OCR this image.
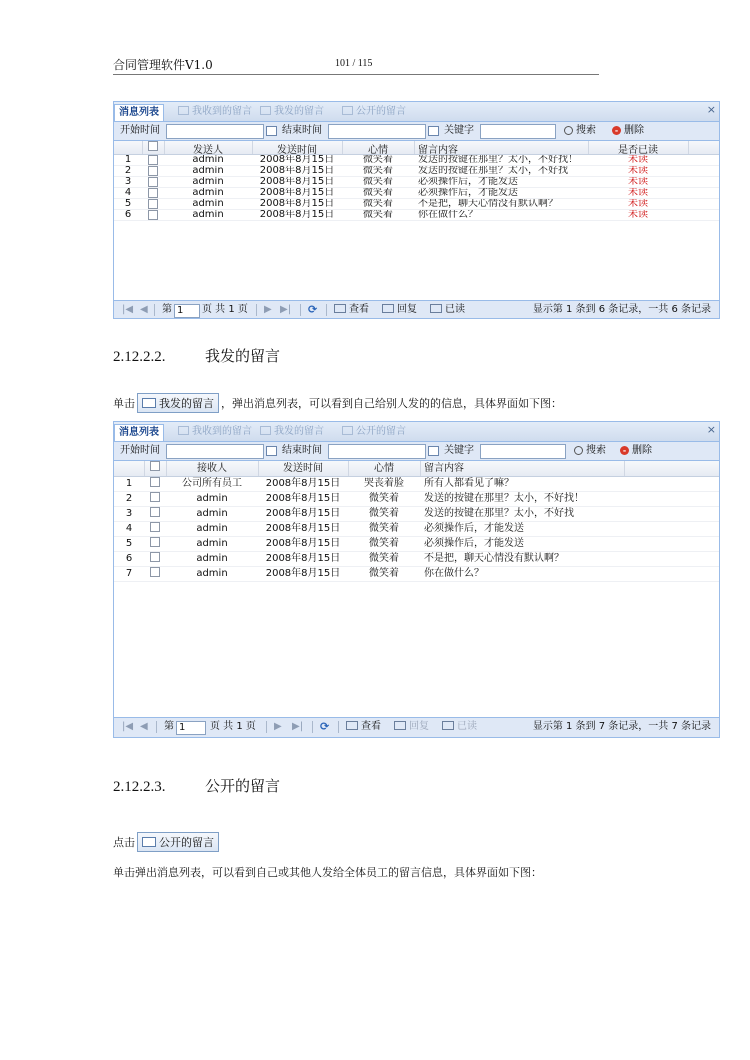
合同管理软件V1.0	101 / 115
消息列表	我收到的留言	我发的留言	公开的留言	×
开始时间	结束时间	关键字	搜索	- 删除
发送人	发送时间	心情	留言内容	是否已读
1	admin	2008年8月15日	微笑着	发送的按键在那里？太小，不好找！	未读
2	admin	2008年8月15日	微笑着	发送的按键在那里？太小，不好找	未读
3	admin	2008年8月15日	微笑着	必须操作后，才能发送	未读
4	admin	2008年8月15日	微笑着	必须操作后，才能发送	未读
5	admin	2008年8月15日	微笑着	不是把，聊天心情没有默认啊？	未读
6	admin	2008年8月15日	微笑着	你在做什么？	未读
|◀ ◀ 第 1	页 共 1 页 ▶ ▶| ⟳	查看	回复	已读	显示第 1 条到 6 条记录，一共 6 条记录
2.12.2.2.	我发的留言
单击 我发的留言 ，弹出消息列表，可以看到自己给别人发的的信息，具体界面如下图：
消息列表	我收到的留言	我发的留言	公开的留言	×
开始时间	结束时间	关键字	搜索	- 删除
接收人	发送时间	心情	留言内容
1	公司所有员工	2008年8月15日	哭丧着脸	所有人都看见了嘛？
2	admin	2008年8月15日	微笑着	发送的按键在那里？太小，不好找！
3	admin	2008年8月15日	微笑着	发送的按键在那里？太小，不好找
4	admin	2008年8月15日	微笑着	必须操作后，才能发送
5	admin	2008年8月15日	微笑着	必须操作后，才能发送
6	admin	2008年8月15日	微笑着	不是把，聊天心情没有默认啊？
7	admin	2008年8月15日	微笑着	你在做什么？
|◀ ◀ 第 1	页 共 1 页 ▶ ▶| ⟳	查看	回复	已读	显示第 1 条到 7 条记录，一共 7 条记录
2.12.2.3.	公开的留言
点击 公开的留言
单击弹出消息列表，可以看到自己或其他人发给全体员工的留言信息，具体界面如下图：
